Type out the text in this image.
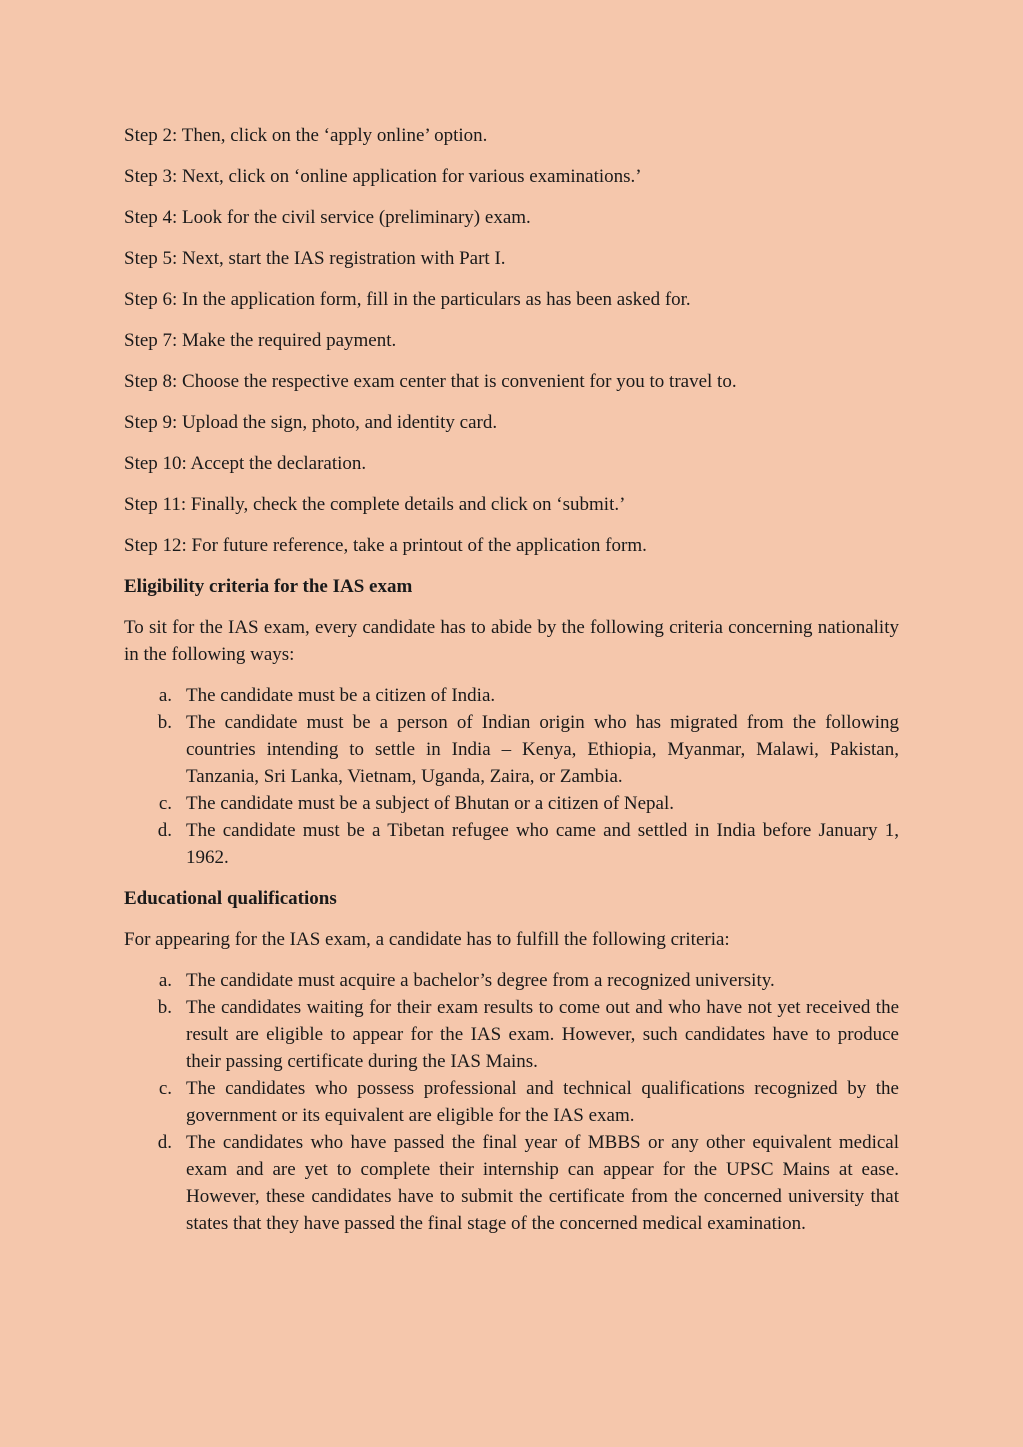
Step 2: Then, click on the ‘apply online’ option.

Step 3: Next, click on ‘online application for various examinations.’

Step 4: Look for the civil service (preliminary) exam.

Step 5: Next, start the IAS registration with Part I.

Step 6: In the application form, fill in the particulars as has been asked for.

Step 7: Make the required payment.

Step 8: Choose the respective exam center that is convenient for you to travel to.

Step 9: Upload the sign, photo, and identity card.

Step 10: Accept the declaration.

Step 11: Finally, check the complete details and click on ‘submit.’

Step 12: For future reference, take a printout of the application form.

Eligibility criteria for the IAS exam

To sit for the IAS exam, every candidate has to abide by the following criteria concerning nationality in the following ways:

a. The candidate must be a citizen of India.
b. The candidate must be a person of Indian origin who has migrated from the following countries intending to settle in India – Kenya, Ethiopia, Myanmar, Malawi, Pakistan, Tanzania, Sri Lanka, Vietnam, Uganda, Zaira, or Zambia.
c. The candidate must be a subject of Bhutan or a citizen of Nepal.
d. The candidate must be a Tibetan refugee who came and settled in India before January 1, 1962.

Educational qualifications

For appearing for the IAS exam, a candidate has to fulfill the following criteria:

a. The candidate must acquire a bachelor’s degree from a recognized university.
b. The candidates waiting for their exam results to come out and who have not yet received the result are eligible to appear for the IAS exam. However, such candidates have to produce their passing certificate during the IAS Mains.
c. The candidates who possess professional and technical qualifications recognized by the government or its equivalent are eligible for the IAS exam.
d. The candidates who have passed the final year of MBBS or any other equivalent medical exam and are yet to complete their internship can appear for the UPSC Mains at ease. However, these candidates have to submit the certificate from the concerned university that states that they have passed the final stage of the concerned medical examination.
